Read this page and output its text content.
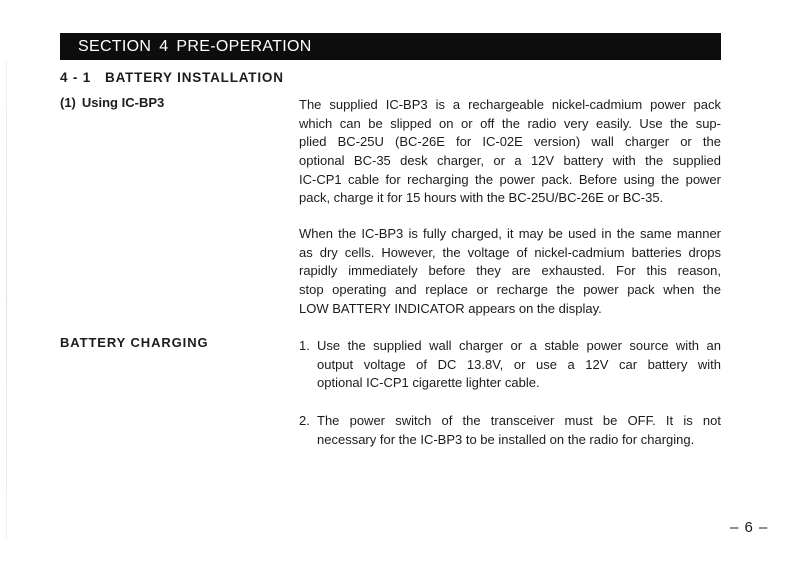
SECTION 4 PRE-OPERATION
4 - 1 BATTERY INSTALLATION
(1) Using IC-BP3	The supplied IC-BP3 is a rechargeable nickel-cadmium power pack
which can be slipped on or off the radio very easily. Use the sup-
plied BC-25U (BC-26E for IC-02E version) wall charger or the
optional BC-35 desk charger, or a 12V battery with the supplied
IC-CP1 cable for recharging the power pack. Before using the power
pack, charge it for 15 hours with the BC-25U/BC-26E or BC-35.
When the IC-BP3 is fully charged, it may be used in the same manner
as dry cells. However, the voltage of nickel-cadmium batteries drops
rapidly immediately before they are exhausted. For this reason,
stop operating and replace or recharge the power pack when the
LOW BATTERY INDICATOR appears on the display.
BATTERY CHARGING	1. Use the supplied wall charger or a stable power source with an
output voltage of DC 13.8V, or use a 12V car battery with
optional IC-CP1 cigarette lighter cable.
2. The power switch of the transceiver must be OFF. It is not
necessary for the IC-BP3 to be installed on the radio for charging.
– 6 –
